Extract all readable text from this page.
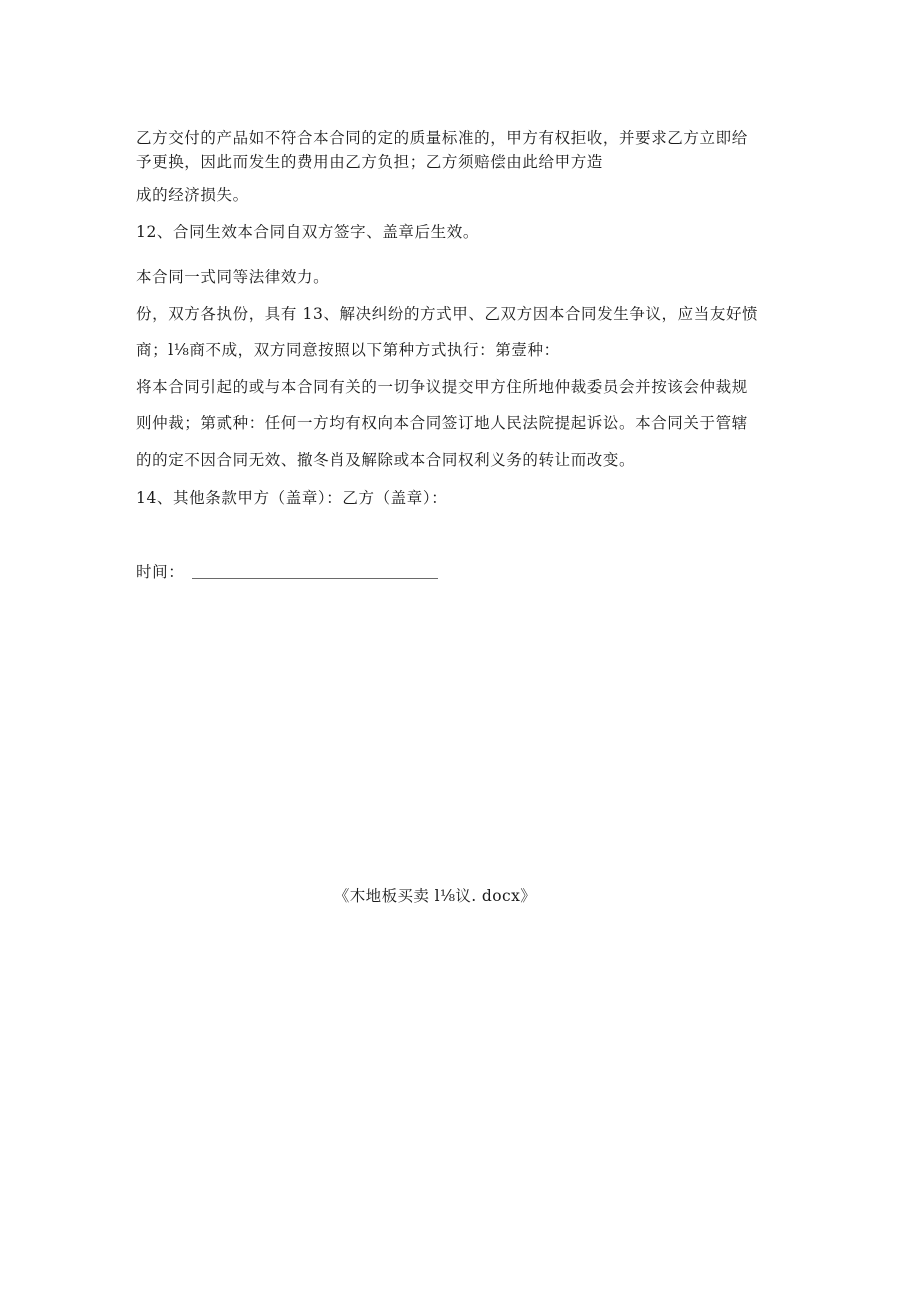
乙方交付的产品如不符合本合同的定的质量标准的，甲方有权拒收，并要求乙方立即给
予更换，因此而发生的费用由乙方负担；乙方须赔偿由此给甲方造
成的经济损失。
12、合同生效本合同自双方签字、盖章后生效。
本合同一式同等法律效力。
份，双方各执份，具有 13、解决纠纷的方式甲、乙双方因本合同发生争议，应当友好愤
商；l⅛商不成，双方同意按照以下第种方式执行：第壹种：
将本合同引起的或与本合同有关的一切争议提交甲方住所地仲裁委员会并按该会仲裁规
则仲裁；第贰种：任何一方均有权向本合同签订地人民法院提起诉讼。本合同关于管辖
的的定不因合同无效、撤冬肖及解除或本合同权利义务的转让而改变。
14、其他条款甲方（盖章）：乙方（盖章）：
时间：
《木地板买卖 l⅛议. docx》
